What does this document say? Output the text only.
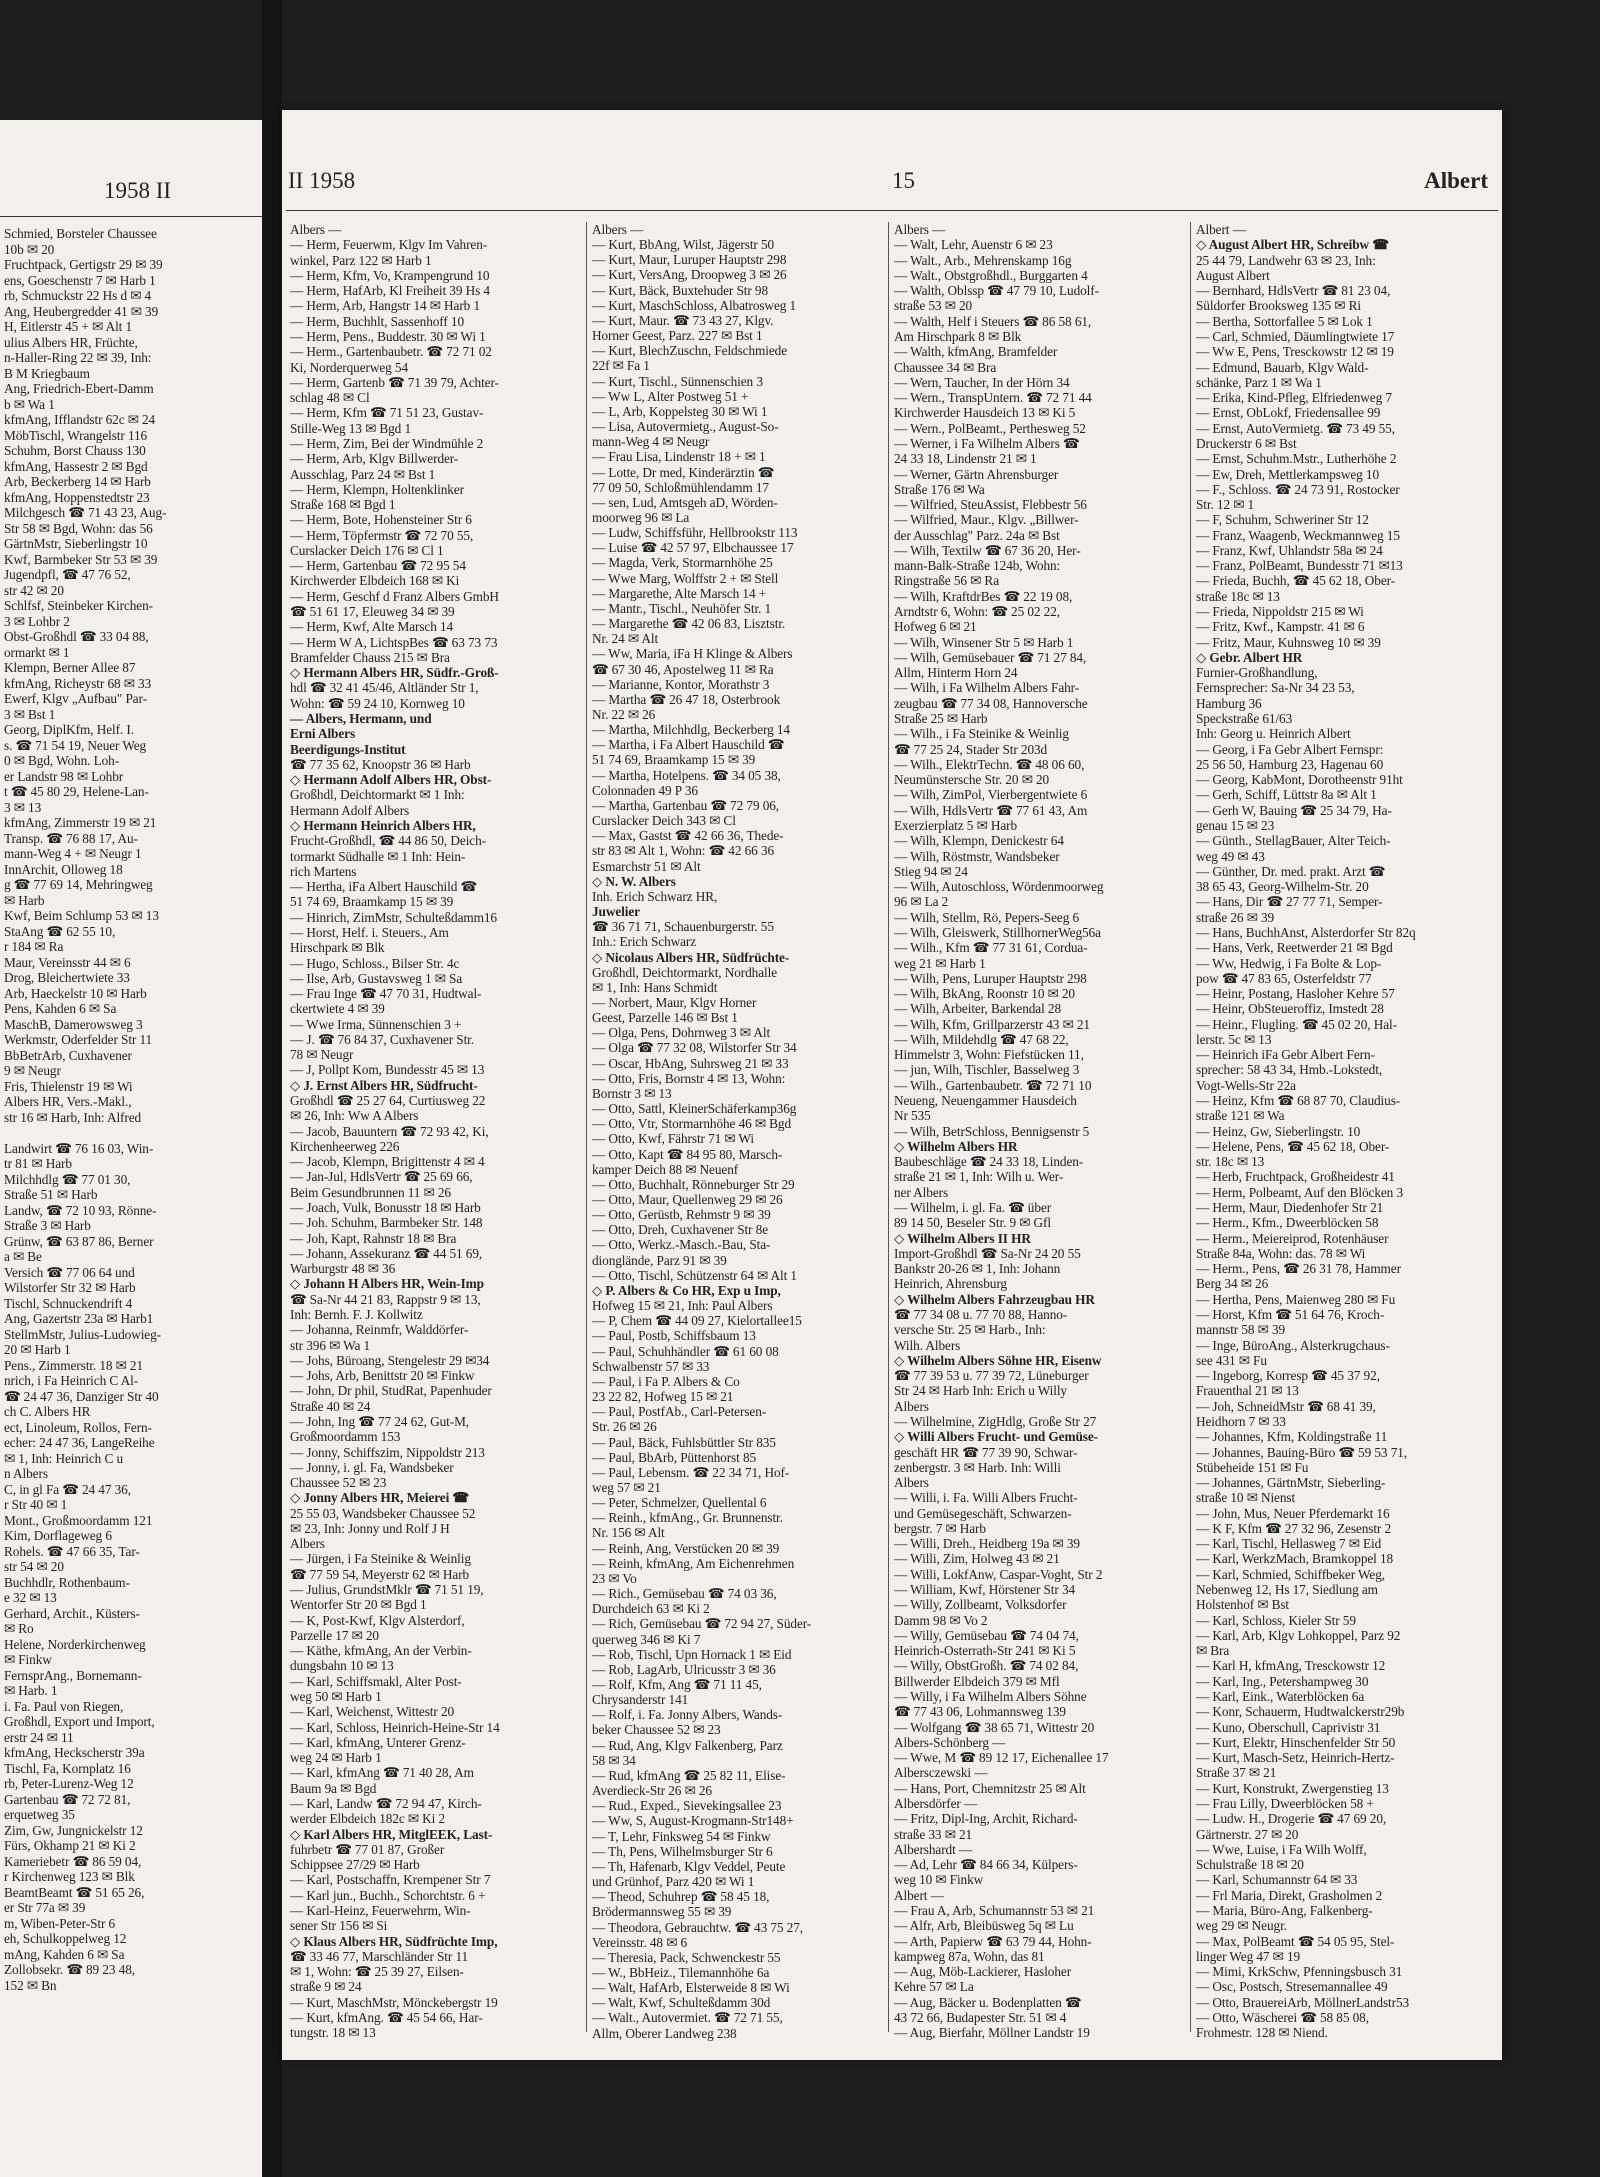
1958 II
Schmied, Borsteler Chaussee
10b ✉ 20
Fruchtpack, Gertigstr 29 ✉ 39
ens, Goeschenstr 7 ✉ Harb 1
rb, Schmuckstr 22 Hs d ✉ 4
Ang, Heubergredder 41 ✉ 39
H, Eitlerstr 45 + ✉ Alt 1
ulius Albers HR, Früchte,
n-Haller-Ring 22 ✉ 39, Inh:
B M Kriegbaum
Ang, Friedrich-Ebert-Damm
b ✉ Wa 1
kfmAng, Ifflandstr 62c ✉ 24
MöbTischl, Wrangelstr 116
Schuhm, Borst Chauss 130
kfmAng, Hassestr 2 ✉ Bgd
Arb, Beckerberg 14 ✉ Harb
kfmAng, Hoppenstedtstr 23
Milchgesch ☎ 71 43 23, Aug-
Str 58 ✉ Bgd, Wohn: das 56
GärtnMstr, Sieberlingstr 10
Kwf, Barmbeker Str 53 ✉ 39
Jugendpfl, ☎ 47 76 52,
str 42 ✉ 20
Schlfsf, Steinbeker Kirchen-
3 ✉ Lohbr 2
Obst-Großhdl ☎ 33 04 88,
ormarkt ✉ 1
Klempn, Berner Allee 87
kfmAng, Richeystr 68 ✉ 33
Ewerf, Klgv „Aufbau" Par-
3 ✉ Bst 1
Georg, DiplKfm, Helf. I.
s. ☎ 71 54 19, Neuer Weg
0 ✉ Bgd, Wohn. Loh-
er Landstr 98 ✉ Lohbr
t ☎ 45 80 29, Helene-Lan-
3 ✉ 13
kfmAng, Zimmerstr 19 ✉ 21
Transp. ☎ 76 88 17, Au-
mann-Weg 4 + ✉ Neugr 1
InnArchit, Olloweg 18
g ☎ 77 69 14, Mehringweg
✉ Harb
Kwf, Beim Schlump 53 ✉ 13
StaAng ☎ 62 55 10,
r 184 ✉ Ra
Maur, Vereinsstr 44 ✉ 6
Drog, Bleichertwiete 33
Arb, Haeckelstr 10 ✉ Harb
Pens, Kahden 6 ✉ Sa
MaschB, Damerowsweg 3
Werkmstr, Oderfelder Str 11
BbBetrArb, Cuxhavener
9 ✉ Neugr
Fris, Thielenstr 19 ✉ Wi
Albers HR, Vers.-Makl.,
str 16 ✉ Harb, Inh: Alfred
Landwirt ☎ 76 16 03, Win-
tr 81 ✉ Harb
Milchhdlg ☎ 77 01 30,
Straße 51 ✉ Harb
Landw, ☎ 72 10 93, Rönne-
Straße 3 ✉ Harb
Grünw, ☎ 63 87 86, Berner
a ✉ Be
Versich ☎ 77 06 64 und
Wilstorfer Str 32 ✉ Harb
Tischl, Schnuckendrift 4
Ang, Gazertstr 23a ✉ Harb1
StellmMstr, Julius-Ludowieg-
20 ✉ Harb 1
Pens., Zimmerstr. 18 ✉ 21
nrich, i Fa Heinrich C Al-
☎ 24 47 36, Danziger Str 40
ch C. Albers HR
ect, Linoleum, Rollos, Fern-
echer: 24 47 36, LangeReihe
✉ 1, Inh: Heinrich C u
n Albers
C, in gl Fa ☎ 24 47 36,
r Str 40 ✉ 1
Mont., Großmoordamm 121
Kim, Dorflageweg 6
Rohels. ☎ 47 66 35, Tar-
str 54 ✉ 20
Buchhdlr, Rothenbaum-
e 32 ✉ 13
Gerhard, Archit., Küsters-
✉ Ro
Helene, Norderkirchenweg
✉ Finkw
FernsprAng., Bornemann-
✉ Harb. 1
i. Fa. Paul von Riegen,
Großhdl, Export und Import,
erstr 24 ✉ 11
kfmAng, Heckscherstr 39a
Tischl, Fa, Kornplatz 16
rb, Peter-Lurenz-Weg 12
Gartenbau ☎ 72 72 81,
erquetweg 35
Zim, Gw, Jungnickelstr 12
Fürs, Okhamp 21 ✉ Ki 2
Kameriebetr ☎ 86 59 04,
r Kirchenweg 123 ✉ Blk
BeamtBeamt ☎ 51 65 26,
er Str 77a ✉ 39
m, Wiben-Peter-Str 6
eh, Schulkoppelweg 12
mAng, Kahden 6 ✉ Sa
Zollobsekr. ☎ 89 23 48,
152 ✉ Bn
II 1958	15	Albert
Albers —
— Herm, Feuerwm, Klgv Im Vahren-
winkel, Parz 122 ✉ Harb 1
— Herm, Kfm, Vo, Krampengrund 10
— Herm, HafArb, Kl Freiheit 39 Hs 4
— Herm, Arb, Hangstr 14 ✉ Harb 1
— Herm, Buchhlt, Sassenhoff 10
— Herm, Pens., Buddestr. 30 ✉ Wi 1
— Herm., Gartenbaubetr. ☎ 72 71 02
Ki, Norderquerweg 54
— Herm, Gartenb ☎ 71 39 79, Achter-
schlag 48 ✉ Cl
— Herm, Kfm ☎ 71 51 23, Gustav-
Stille-Weg 13 ✉ Bgd 1
— Herm, Zim, Bei der Windmühle 2
— Herm, Arb, Klgv Billwerder-
Ausschlag, Parz 24 ✉ Bst 1
— Herm, Klempn, Holtenklinker
Straße 168 ✉ Bgd 1
— Herm, Bote, Hohensteiner Str 6
— Herm, Töpfermstr ☎ 72 70 55,
Curslacker Deich 176 ✉ Cl 1
— Herm, Gartenbau ☎ 72 95 54
Kirchwerder Elbdeich 168 ✉ Ki
— Herm, Geschf d Franz Albers GmbH
☎ 51 61 17, Eleuweg 34 ✉ 39
— Herm, Kwf, Alte Marsch 14
— Herm W A, LichtspBes ☎ 63 73 73
Bramfelder Chauss 215 ✉ Bra
◇ Hermann Albers HR, Südfr.-Groß-
hdl ☎ 32 41 45/46, Altländer Str 1,
Wohn: ☎ 59 24 10, Kornweg 10
— Albers, Hermann, und
Erni Albers
Beerdigungs-Institut
☎ 77 35 62, Knoopstr 36 ✉ Harb
◇ Hermann Adolf Albers HR, Obst-
Großhdl, Deichtormarkt ✉ 1 Inh:
Hermann Adolf Albers
◇ Hermann Heinrich Albers HR,
Frucht-Großhdl, ☎ 44 86 50, Deich-
tormarkt Südhalle ✉ 1 Inh: Hein-
rich Martens
— Hertha, iFa Albert Hauschild ☎
51 74 69, Braamkamp 15 ✉ 39
— Hinrich, ZimMstr, Schulteßdamm16
— Horst, Helf. i. Steuers., Am
Hirschpark ✉ Blk
— Hugo, Schloss., Bilser Str. 4c
— Ilse, Arb, Gustavsweg 1 ✉ Sa
— Frau Inge ☎ 47 70 31, Hudtwal-
ckertwiete 4 ✉ 39
— Wwe Irma, Sünnenschien 3 +
— J. ☎ 76 84 37, Cuxhavener Str.
78 ✉ Neugr
— J, Pollpt Kom, Bundesstr 45 ✉ 13
◇ J. Ernst Albers HR, Südfrucht-
Großhdl ☎ 25 27 64, Curtiusweg 22
✉ 26, Inh: Ww A Albers
— Jacob, Bauuntern ☎ 72 93 42, Ki,
Kirchenheerweg 226
— Jacob, Klempn, Brigittenstr 4 ✉ 4
— Jan-Jul, HdlsVertr ☎ 25 69 66,
Beim Gesundbrunnen 11 ✉ 26
— Joach, Vulk, Bonusstr 18 ✉ Harb
— Joh. Schuhm, Barmbeker Str. 148
— Joh, Kapt, Rahnstr 18 ✉ Bra
— Johann, Assekuranz ☎ 44 51 69,
Warburgstr 48 ✉ 36
◇ Johann H Albers HR, Wein-Imp
☎ Sa-Nr 44 21 83, Rappstr 9 ✉ 13,
Inh: Bernh. F. J. Kollwitz
— Johanna, Reinmfr, Walddörfer-
str 396 ✉ Wa 1
— Johs, Büroang, Stengelestr 29 ✉34
— Johs, Arb, Benittstr 20 ✉ Finkw
— John, Dr phil, StudRat, Papenhuder
Straße 40 ✉ 24
— John, Ing ☎ 77 24 62, Gut-M,
Großmoordamm 153
— Jonny, Schiffszim, Nippoldstr 213
— Jonny, i. gl. Fa, Wandsbeker
Chaussee 52 ✉ 23
◇ Jonny Albers HR, Meierei ☎
25 55 03, Wandsbeker Chaussee 52
✉ 23, Inh: Jonny und Rolf J H
Albers
— Jürgen, i Fa Steinike & Weinlig
☎ 77 59 54, Meyerstr 62 ✉ Harb
— Julius, GrundstMklr ☎ 71 51 19,
Wentorfer Str 20 ✉ Bgd 1
— K, Post-Kwf, Klgv Alsterdorf,
Parzelle 17 ✉ 20
— Käthe, kfmAng, An der Verbin-
dungsbahn 10 ✉ 13
— Karl, Schiffsmakl, Alter Post-
weg 50 ✉ Harb 1
— Karl, Weichenst, Wittestr 20
— Karl, Schloss, Heinrich-Heine-Str 14
— Karl, kfmAng, Unterer Grenz-
weg 24 ✉ Harb 1
— Karl, kfmAng ☎ 71 40 28, Am
Baum 9a ✉ Bgd
— Karl, Landw ☎ 72 94 47, Kirch-
werder Elbdeich 182c ✉ Ki 2
◇ Karl Albers HR, MitglEEK, Last-
fuhrbetr ☎ 77 01 87, Großer
Schippsee 27/29 ✉ Harb
— Karl, Postschaffn, Krempener Str 7
— Karl jun., Buchh., Schorchtstr. 6 +
— Karl-Heinz, Feuerwehrm, Win-
sener Str 156 ✉ Si
◇ Klaus Albers HR, Südfrüchte Imp,
☎ 33 46 77, Marschländer Str 11
✉ 1, Wohn: ☎ 25 39 27, Eilsen-
straße 9 ✉ 24
— Kurt, MaschMstr, Mönckebergstr 19
— Kurt, kfmAng. ☎ 45 54 66, Har-
tungstr. 18 ✉ 13
Albers —
— Kurt, BbAng, Wilst, Jägerstr 50
— Kurt, Maur, Luruper Hauptstr 298
— Kurt, VersAng, Droopweg 3 ✉ 26
— Kurt, Bäck, Buxtehuder Str 98
— Kurt, MaschSchloss, Albatrosweg 1
— Kurt, Maur. ☎ 73 43 27, Klgv.
Horner Geest, Parz. 227 ✉ Bst 1
— Kurt, BlechZuschn, Feldschmiede
22f ✉ Fa 1
— Kurt, Tischl., Sünnenschien 3
— Ww L, Alter Postweg 51 +
— L, Arb, Koppelsteg 30 ✉ Wi 1
— Lisa, Autovermietg., August-So-
mann-Weg 4 ✉ Neugr
— Frau Lisa, Lindenstr 18 + ✉ 1
— Lotte, Dr med, Kinderärztin ☎
77 09 50, Schloßmühlendamm 17
— sen, Lud, Amtsgeh aD, Wörden-
moorweg 96 ✉ La
— Ludw, Schiffsführ, Hellbrookstr 113
— Luise ☎ 42 57 97, Elbchaussee 17
— Magda, Verk, Stormarnhöhe 25
— Wwe Marg, Wolffstr 2 + ✉ Stell
— Margarethe, Alte Marsch 14 +
— Mantr., Tischl., Neuhöfer Str. 1
— Margarethe ☎ 42 06 83, Lisztstr.
Nr. 24 ✉ Alt
— Ww, Maria, iFa H Klinge & Albers
☎ 67 30 46, Apostelweg 11 ✉ Ra
— Marianne, Kontor, Morathstr 3
— Martha ☎ 26 47 18, Osterbrook
Nr. 22 ✉ 26
— Martha, Milchhdlg, Beckerberg 14
— Martha, i Fa Albert Hauschild ☎
51 74 69, Braamkamp 15 ✉ 39
— Martha, Hotelpens. ☎ 34 05 38,
Colonnaden 49 P 36
— Martha, Gartenbau ☎ 72 79 06,
Curslacker Deich 343 ✉ Cl
— Max, Gastst ☎ 42 66 36, Thede-
str 83 ✉ Alt 1, Wohn: ☎ 42 66 36
Esmarchstr 51 ✉ Alt
◇ N. W. Albers
Inh. Erich Schwarz HR,
Juwelier
☎ 36 71 71, Schauenburgerstr. 55
Inh.: Erich Schwarz
◇ Nicolaus Albers HR, Südfrüchte-
Großhdl, Deichtormarkt, Nordhalle
✉ 1, Inh: Hans Schmidt
— Norbert, Maur, Klgv Horner
Geest, Parzelle 146 ✉ Bst 1
— Olga, Pens, Dohrnweg 3 ✉ Alt
— Olga ☎ 77 32 08, Wilstorfer Str 34
— Oscar, HbAng, Suhrsweg 21 ✉ 33
— Otto, Fris, Bornstr 4 ✉ 13, Wohn:
Bornstr 3 ✉ 13
— Otto, Sattl, KleinerSchäferkamp36g
— Otto, Vtr, Stormarnhöhe 46 ✉ Bgd
— Otto, Kwf, Fährstr 71 ✉ Wi
— Otto, Kapt ☎ 84 95 80, Marsch-
kamper Deich 88 ✉ Neuenf
— Otto, Buchhalt, Rönneburger Str 29
— Otto, Maur, Quellenweg 29 ✉ 26
— Otto, Gerüstb, Rehmstr 9 ✉ 39
— Otto, Dreh, Cuxhavener Str 8e
— Otto, Werkz.-Masch.-Bau, Sta-
dionglände, Parz 91 ✉ 39
— Otto, Tischl, Schützenstr 64 ✉ Alt 1
◇ P. Albers & Co HR, Exp u Imp,
Hofweg 15 ✉ 21, Inh: Paul Albers
— P, Chem ☎ 44 09 27, Kielortallee15
— Paul, Postb, Schiffsbaum 13
— Paul, Schuhhändler ☎ 61 60 08
Schwalbenstr 57 ✉ 33
— Paul, i Fa P. Albers & Co
23 22 82, Hofweg 15 ✉ 21
— Paul, PostfAb., Carl-Petersen-
Str. 26 ✉ 26
— Paul, Bäck, Fuhlsbüttler Str 835
— Paul, BbArb, Püttenhorst 85
— Paul, Lebensm. ☎ 22 34 71, Hof-
weg 57 ✉ 21
— Peter, Schmelzer, Quellental 6
— Reinh., kfmAng., Gr. Brunnenstr.
Nr. 156 ✉ Alt
— Reinh, Ang, Verstücken 20 ✉ 39
— Reinh, kfmAng, Am Eichenrehmen
23 ✉ Vo
— Rich., Gemüsebau ☎ 74 03 36,
Durchdeich 63 ✉ Ki 2
— Rich, Gemüsebau ☎ 72 94 27, Süder-
querweg 346 ✉ Ki 7
— Rob, Tischl, Upn Hornack 1 ✉ Eid
— Rob, LagArb, Ulricusstr 3 ✉ 36
— Rolf, Kfm, Ang ☎ 71 11 45,
Chrysanderstr 141
— Rolf, i. Fa. Jonny Albers, Wands-
beker Chaussee 52 ✉ 23
— Rud, Ang, Klgv Falkenberg, Parz
58 ✉ 34
— Rud, kfmAng ☎ 25 82 11, Elise-
Averdieck-Str 26 ✉ 26
— Rud., Exped., Sievekingsallee 23
— Ww, S, August-Krogmann-Str148+
— T, Lehr, Finksweg 54 ✉ Finkw
— Th, Pens, Wilhelmsburger Str 6
— Th, Hafenarb, Klgv Veddel, Peute
und Grünhof, Parz 420 ✉ Wi 1
— Theod, Schuhrep ☎ 58 45 18,
Brödermannsweg 55 ✉ 39
— Theodora, Gebrauchtw. ☎ 43 75 27,
Vereinsstr. 48 ✉ 6
— Theresia, Pack, Schwenckestr 55
— W., BbHeiz., Tilemannhöhe 6a
— Walt, HafArb, Elsterweide 8 ✉ Wi
— Walt, Kwf, Schulteßdamm 30d
— Walt., Autovermiet. ☎ 72 71 55,
Allm, Oberer Landweg 238
Albers —
— Walt, Lehr, Auenstr 6 ✉ 23
— Walt., Arb., Mehrenskamp 16g
— Walt., Obstgroßhdl., Burggarten 4
— Walth, Oblssp ☎ 47 79 10, Ludolf-
straße 53 ✉ 20
— Walth, Helf i Steuers ☎ 86 58 61,
Am Hirschpark 8 ✉ Blk
— Walth, kfmAng, Bramfelder
Chaussee 34 ✉ Bra
— Wern, Taucher, In der Hörn 34
— Wern., TranspUntern. ☎ 72 71 44
Kirchwerder Hausdeich 13 ✉ Ki 5
— Wern., PolBeamt., Perthesweg 52
— Werner, i Fa Wilhelm Albers ☎
24 33 18, Lindenstr 21 ✉ 1
— Werner, Gärtn Ahrensburger
Straße 176 ✉ Wa
— Wilfried, SteuAssist, Flebbestr 56
— Wilfried, Maur., Klgv. „Billwer-
der Ausschlag" Parz. 24a ✉ Bst
— Wilh, Textilw ☎ 67 36 20, Her-
mann-Balk-Straße 124b, Wohn:
Ringstraße 56 ✉ Ra
— Wilh, KraftdrBes ☎ 22 19 08,
Arndtstr 6, Wohn: ☎ 25 02 22,
Hofweg 6 ✉ 21
— Wilh, Winsener Str 5 ✉ Harb 1
— Wilh, Gemüsebauer ☎ 71 27 84,
Allm, Hinterm Horn 24
— Wilh, i Fa Wilhelm Albers Fahr-
zeugbau ☎ 77 34 08, Hannoversche
Straße 25 ✉ Harb
— Wilh., i Fa Steinike & Weinlig
☎ 77 25 24, Stader Str 203d
— Wilh., ElektrTechn. ☎ 48 06 60,
Neumünstersche Str. 20 ✉ 20
— Wilh, ZimPol, Vierbergentwiete 6
— Wilh, HdlsVertr ☎ 77 61 43, Am
Exerzierplatz 5 ✉ Harb
— Wilh, Klempn, Denickestr 64
— Wilh, Röstmstr, Wandsbeker
Stieg 94 ✉ 24
— Wilh, Autoschloss, Wördenmoorweg
96 ✉ La 2
— Wilh, Stellm, Rö, Pepers-Seeg 6
— Wilh, Gleiswerk, StillhornerWeg56a
— Wilh., Kfm ☎ 77 31 61, Cordua-
weg 21 ✉ Harb 1
— Wilh, Pens, Luruper Hauptstr 298
— Wilh, BkAng, Roonstr 10 ✉ 20
— Wilh, Arbeiter, Barkendal 28
— Wilh, Kfm, Grillparzerstr 43 ✉ 21
— Wilh, Mildehdlg ☎ 47 68 22,
Himmelstr 3, Wohn: Fiefstücken 11,
— jun, Wilh, Tischler, Basselweg 3
— Wilh., Gartenbaubetr. ☎ 72 71 10
Neueng, Neuengammer Hausdeich
Nr 535
— Wilh, BetrSchloss, Bennigsenstr 5
◇ Wilhelm Albers HR
Baubeschläge ☎ 24 33 18, Linden-
straße 21 ✉ 1, Inh: Wilh u. Wer-
ner Albers
— Wilhelm, i. gl. Fa. ☎ über
89 14 50, Beseler Str. 9 ✉ Gfl
◇ Wilhelm Albers II HR
Import-Großhdl ☎ Sa-Nr 24 20 55
Bankstr 20-26 ✉ 1, Inh: Johann
Heinrich, Ahrensburg
◇ Wilhelm Albers Fahrzeugbau HR
☎ 77 34 08 u. 77 70 88, Hanno-
versche Str. 25 ✉ Harb., Inh:
Wilh. Albers
◇ Wilhelm Albers Söhne HR, Eisenw
☎ 77 39 53 u. 77 39 72, Lüneburger
Str 24 ✉ Harb Inh: Erich u Willy
Albers
— Wilhelmine, ZigHdlg, Große Str 27
◇ Willi Albers Frucht- und Gemüse-
geschäft HR ☎ 77 39 90, Schwar-
zenbergstr. 3 ✉ Harb. Inh: Willi
Albers
— Willi, i. Fa. Willi Albers Frucht-
und Gemüsegeschäft, Schwarzen-
bergstr. 7 ✉ Harb
— Willi, Dreh., Heidberg 19a ✉ 39
— Willi, Zim, Holweg 43 ✉ 21
— Willi, LokfAnw, Caspar-Voght, Str 2
— William, Kwf, Hörstener Str 34
— Willy, Zollbeamt, Volksdorfer
Damm 98 ✉ Vo 2
— Willy, Gemüsebau ☎ 74 04 74,
Heinrich-Osterrath-Str 241 ✉ Ki 5
— Willy, ObstGroßh. ☎ 74 02 84,
Billwerder Elbdeich 379 ✉ Mfl
— Willy, i Fa Wilhelm Albers Söhne
☎ 77 43 06, Lohmannsweg 139
— Wolfgang ☎ 38 65 71, Wittestr 20
Albers-Schönberg —
— Wwe, M ☎ 89 12 17, Eichenallee 17
Albersczewski —
— Hans, Port, Chemnitzstr 25 ✉ Alt
Albersdörfer —
— Fritz, Dipl-Ing, Archit, Richard-
straße 33 ✉ 21
Albershardt —
— Ad, Lehr ☎ 84 66 34, Külpers-
weg 10 ✉ Finkw
Albert —
— Frau A, Arb, Schumannstr 53 ✉ 21
— Alfr, Arb, Bleibüsweg 5q ✉ Lu
— Arth, Papierw ☎ 63 79 44, Hohn-
kampweg 87a, Wohn, das 81
— Aug, Möb-Lackierer, Hasloher
Kehre 57 ✉ La
— Aug, Bäcker u. Bodenplatten ☎
43 72 66, Budapester Str. 51 ✉ 4
— Aug, Bierfahr, Möllner Landstr 19
Albert —
◇ August Albert HR, Schreibw ☎
25 44 79, Landwehr 63 ✉ 23, Inh:
August Albert
— Bernhard, HdlsVertr ☎ 81 23 04,
Süldorfer Brooksweg 135 ✉ Ri
— Bertha, Sottorfallee 5 ✉ Lok 1
— Carl, Schmied, Däumlingtwiete 17
— Ww E, Pens, Tresckowstr 12 ✉ 19
— Edmund, Bauarb, Klgv Wald-
schänke, Parz 1 ✉ Wa 1
— Erika, Kind-Pfleg, Elfriedenweg 7
— Ernst, ObLokf, Friedensallee 99
— Ernst, AutoVermietg. ☎ 73 49 55,
Druckerstr 6 ✉ Bst
— Ernst, Schuhm.Mstr., Lutherhöhe 2
— Ew, Dreh, Mettlerkampsweg 10
— F., Schloss. ☎ 24 73 91, Rostocker
Str. 12 ✉ 1
— F, Schuhm, Schweriner Str 12
— Franz, Waagenb, Weckmannweg 15
— Franz, Kwf, Uhlandstr 58a ✉ 24
— Franz, PolBeamt, Bundesstr 71 ✉13
— Frieda, Buchh, ☎ 45 62 18, Ober-
straße 18c ✉ 13
— Frieda, Nippoldstr 215 ✉ Wi
— Fritz, Kwf., Kampstr. 41 ✉ 6
— Fritz, Maur, Kuhnsweg 10 ✉ 39
◇ Gebr. Albert HR
Furnier-Großhandlung,
Fernsprecher: Sa-Nr 34 23 53,
Hamburg 36
Speckstraße 61/63
Inh: Georg u. Heinrich Albert
— Georg, i Fa Gebr Albert Fernspr:
25 56 50, Hamburg 23, Hagenau 60
— Georg, KabMont, Dorotheenstr 91ht
— Gerh, Schiff, Lüttstr 8a ✉ Alt 1
— Gerh W, Bauing ☎ 25 34 79, Ha-
genau 15 ✉ 23
— Günth., StellagBauer, Alter Teich-
weg 49 ✉ 43
— Günther, Dr. med. prakt. Arzt ☎
38 65 43, Georg-Wilhelm-Str. 20
— Hans, Dir ☎ 27 77 71, Semper-
straße 26 ✉ 39
— Hans, BuchhAnst, Alsterdorfer Str 82q
— Hans, Verk, Reetwerder 21 ✉ Bgd
— Ww, Hedwig, i Fa Bolte & Lop-
pow ☎ 47 83 65, Osterfeldstr 77
— Heinr, Postang, Hasloher Kehre 57
— Heinr, ObSteueroffiz, Imstedt 28
— Heinr., Flugling. ☎ 45 02 20, Hal-
lerstr. 5c ✉ 13
— Heinrich iFa Gebr Albert Fern-
sprecher: 58 43 34, Hmb.-Lokstedt,
Vogt-Wells-Str 22a
— Heinz, Kfm ☎ 68 87 70, Claudius-
straße 121 ✉ Wa
— Heinz, Gw, Sieberlingstr. 10
— Helene, Pens, ☎ 45 62 18, Ober-
str. 18c ✉ 13
— Herb, Fruchtpack, Großheidestr 41
— Herm, Polbeamt, Auf den Blöcken 3
— Herm, Maur, Diedenhofer Str 21
— Herm., Kfm., Dweerblöcken 58
— Herm., Meiereiprod, Rotenhäuser
Straße 84a, Wohn: das. 78 ✉ Wi
— Herm., Pens, ☎ 26 31 78, Hammer
Berg 34 ✉ 26
— Hertha, Pens, Maienweg 280 ✉ Fu
— Horst, Kfm ☎ 51 64 76, Kroch-
mannstr 58 ✉ 39
— Inge, BüroAng., Alsterkrugchaus-
see 431 ✉ Fu
— Ingeborg, Korresp ☎ 45 37 92,
Frauenthal 21 ✉ 13
— Joh, SchneidMstr ☎ 68 41 39,
Heidhorn 7 ✉ 33
— Johannes, Kfm, Koldingstraße 11
— Johannes, Bauing-Büro ☎ 59 53 71,
Stübeheide 151 ✉ Fu
— Johannes, GärtnMstr, Sieberling-
straße 10 ✉ Nienst
— John, Mus, Neuer Pferdemarkt 16
— K F, Kfm ☎ 27 32 96, Zesenstr 2
— Karl, Tischl, Hellasweg 7 ✉ Eid
— Karl, WerkzMach, Bramkoppel 18
— Karl, Schmied, Schiffbeker Weg,
Nebenweg 12, Hs 17, Siedlung am
Holstenhof ✉ Bst
— Karl, Schloss, Kieler Str 59
— Karl, Arb, Klgv Lohkoppel, Parz 92
✉ Bra
— Karl H, kfmAng, Tresckowstr 12
— Karl, Ing., Petershampweg 30
— Karl, Eink., Waterblöcken 6a
— Konr, Schauerm, Hudtwalckerstr29b
— Kuno, Oberschull, Caprivistr 31
— Kurt, Elektr, Hinschenfelder Str 50
— Kurt, Masch-Setz, Heinrich-Hertz-
Straße 37 ✉ 21
— Kurt, Konstrukt, Zwergenstieg 13
— Frau Lilly, Dweerblöcken 58 +
— Ludw. H., Drogerie ☎ 47 69 20,
Gärtnerstr. 27 ✉ 20
— Wwe, Luise, i Fa Wilh Wolff,
Schulstraße 18 ✉ 20
— Karl, Schumannstr 64 ✉ 33
— Frl Maria, Direkt, Grasholmen 2
— Maria, Büro-Ang, Falkenberg-
weg 29 ✉ Neugr.
— Max, PolBeamt ☎ 54 05 95, Stel-
linger Weg 47 ✉ 19
— Mimi, KrkSchw, Pfenningsbusch 31
— Osc, Postsch, Stresemannallee 49
— Otto, BrauereiArb, MöllnerLandstr53
— Otto, Wäscherei ☎ 58 85 08,
Frohmestr. 128 ✉ Niend.
